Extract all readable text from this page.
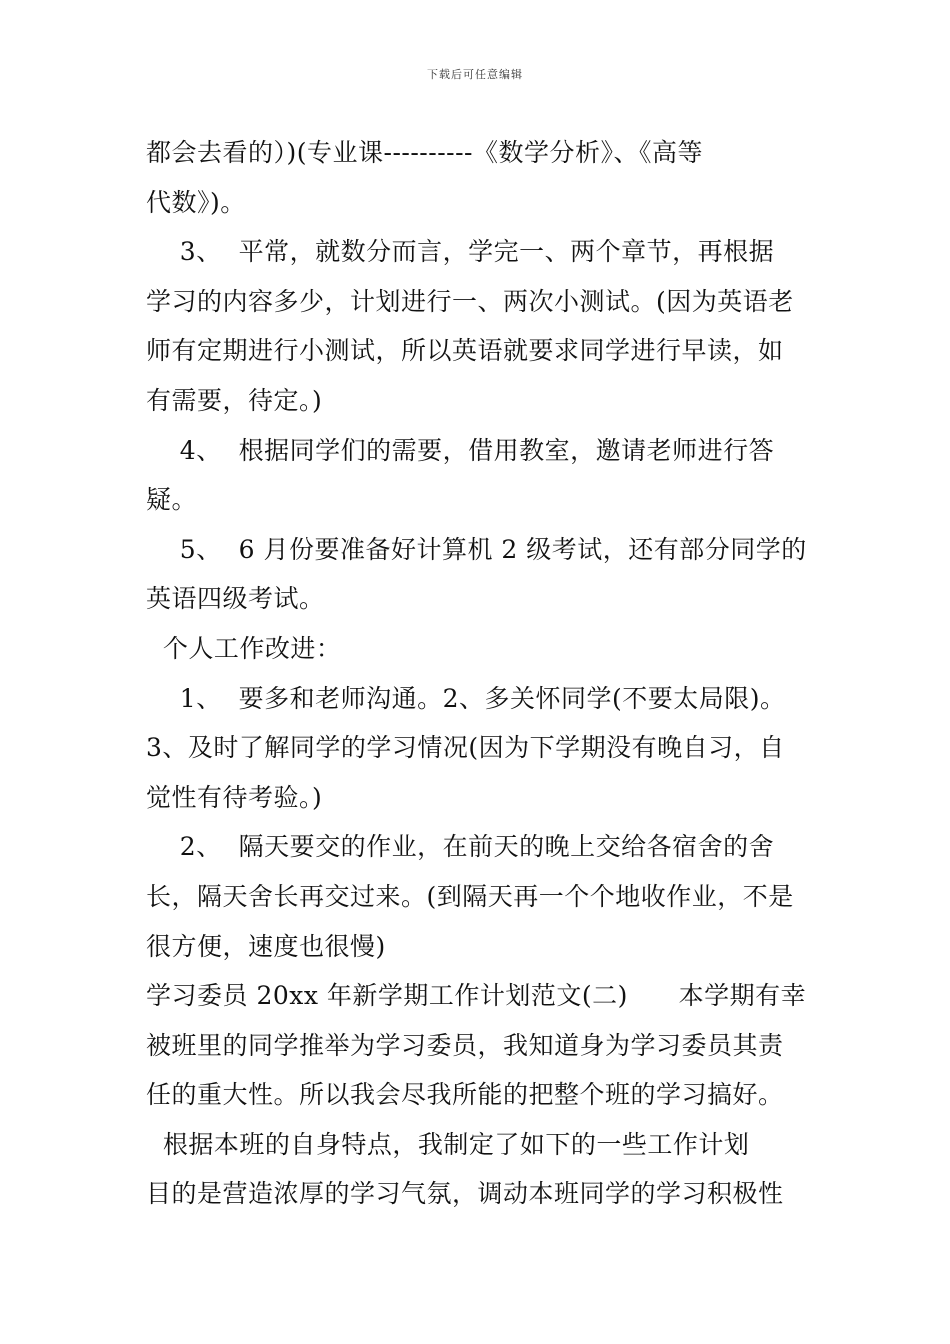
下载后可任意编辑
都会去看的）)(专业课----------《数学分析》、《高等
代数》)。
3、  平常，就数分而言，学完一、两个章节，再根据
学习的内容多少，计划进行一、两次小测试。(因为英语老
师有定期进行小测试，所以英语就要求同学进行早读，如
有需要，待定。)
4、  根据同学们的需要，借用教室，邀请老师进行答
疑。
5、  6 月份要准备好计算机 2 级考试，还有部分同学的
英语四级考试。
个人工作改进：
1、  要多和老师沟通。2、多关怀同学(不要太局限)。
3、及时了解同学的学习情况(因为下学期没有晚自习，自
觉性有待考验。)
2、  隔天要交的作业，在前天的晚上交给各宿舍的舍
长，隔天舍长再交过来。(到隔天再一个个地收作业，不是
很方便，速度也很慢)
学习委员 20xx 年新学期工作计划范文(二)      本学期有幸
被班里的同学推举为学习委员，我知道身为学习委员其责
任的重大性。所以我会尽我所能的把整个班的学习搞好。
根据本班的自身特点，我制定了如下的一些工作计划
目的是营造浓厚的学习气氛，调动本班同学的学习积极性
